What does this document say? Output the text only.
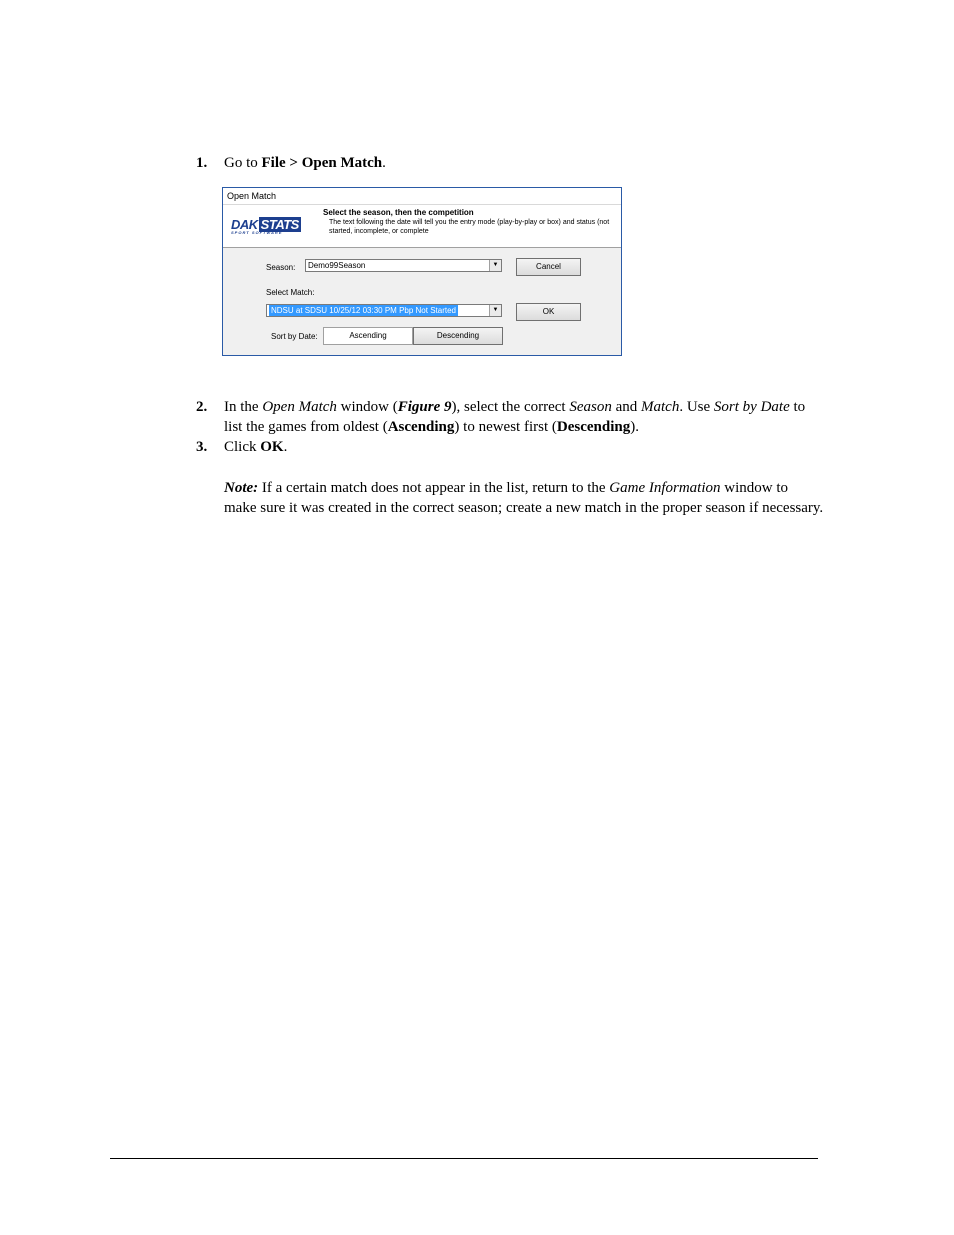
1. Go to File > Open Match.
Open Match
DAK STATS
SPORT SOFTWARE
Select the season, then the competition
The text following the date will tell you the entry mode (play-by-play or box) and status (not started, incomplete, or complete
Season:	Demo99Season	▼	Cancel
Select Match:
NDSU at SDSU 10/25/12 03:30 PM Pbp Not Started	▼	OK
Sort by Date:	Ascending	Descending
2. In the Open Match window (Figure 9), select the correct Season and Match. Use Sort by Date to list the games from oldest (Ascending) to newest first (Descending).
3. Click OK.
Note: If a certain match does not appear in the list, return to the Game Information window to make sure it was created in the correct season; create a new match in the proper season if necessary.
